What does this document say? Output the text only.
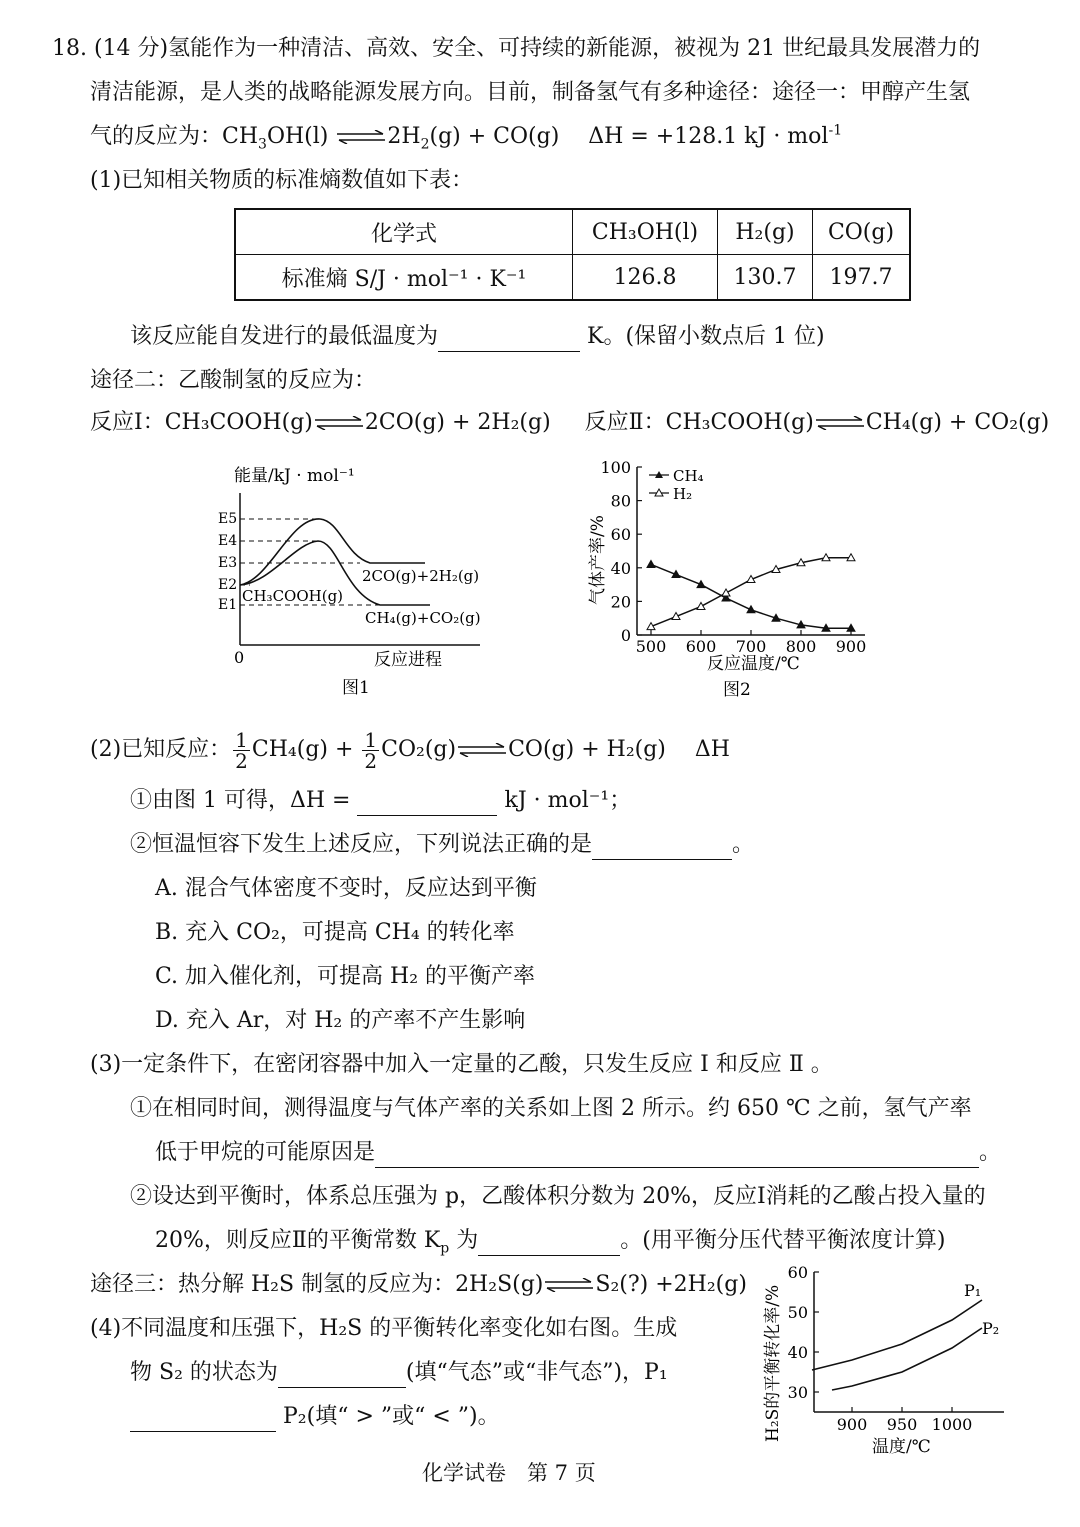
18. (14 分)氢能作为一种清洁、高效、安全、可持续的新能源，被视为 21 世纪最具发展潜力的
清洁能源，是人类的战略能源发展方向。目前，制备氢气有多种途径：途径一：甲醇产生氢
气的反应为：$CH_3OH(l)$ $\rightleftharpoons 2H_2(g) + CO(g)$　 ΔH = +128.1 kJ · mol$^{-1}$
(1)已知相关物质的标准熵数值如下表：
化学式	CH₃OH(l)	H₂(g)	CO(g)
标准熵 S/J · mol⁻¹ · K⁻¹	126.8	130.7	197.7
该反应能自发进行的最低温度为	K。(保留小数点后 1 位)
途径二：乙酸制氢的反应为：
反应Ⅰ：CH₃COOH(g)⇌2CO(g) + 2H₂(g) 反应Ⅱ：CH₃COOH(g)⇌CH₄(g) + CO₂(g)
能量/kJ · mol⁻¹
E5
E4
E3
E2
E1 CH₃COOH(g)
2CO(g)+2H₂(g)
CH₄(g)+CO₂(g)
0	反应进程
图1
气体产率/%
反应温度/℃
图2
0
20
40
60
80
100
500 600 700 800 900
CH₄
H₂
(2)已知反应： $\frac{1}{2} CH_4(g) + \frac{1}{2}$ CO₂(g)⇌CO(g) + H₂(g)　 ΔH
①由图 1 可得，ΔH =	kJ · mol⁻¹；
②恒温恒容下发生上述反应，下列说法正确的是	。
A. 混合气体密度不变时，反应达到平衡
B. 充入 CO₂，可提高 CH₄ 的转化率
C. 加入催化剂，可提高 H₂ 的平衡产率
D. 充入 Ar，对 H₂ 的产率不产生影响
(3)一定条件下，在密闭容器中加入一定量的乙酸，只发生反应 Ⅰ 和反应 Ⅱ 。
①在相同时间，测得温度与气体产率的关系如上图 2 所示。约 650 ℃ 之前，氢气产率
低于甲烷的可能原因是	。
②设达到平衡时，体系总压强为 p，乙酸体积分数为 20%，反应Ⅰ消耗的乙酸占投入量的
20%，则反应Ⅱ的平衡常数 $K_p$ 为	。(用平衡分压代替平衡浓度计算)
途径三：热分解 H₂S 制氢的反应为：2H₂S(g)⇌S₂(?) +2H₂(g)
(4)不同温度和压强下，H₂S 的平衡转化率变化如右图。生成
物 S₂ 的状态为	(填“气态”或“非气态”)，P₁
P₂(填“ > ”或“ < ”)。	H₂S的平衡转化率/%
温度/℃
30
40
50
60
900 950 1000
P₁
P₂
化学试卷　第 7 页
